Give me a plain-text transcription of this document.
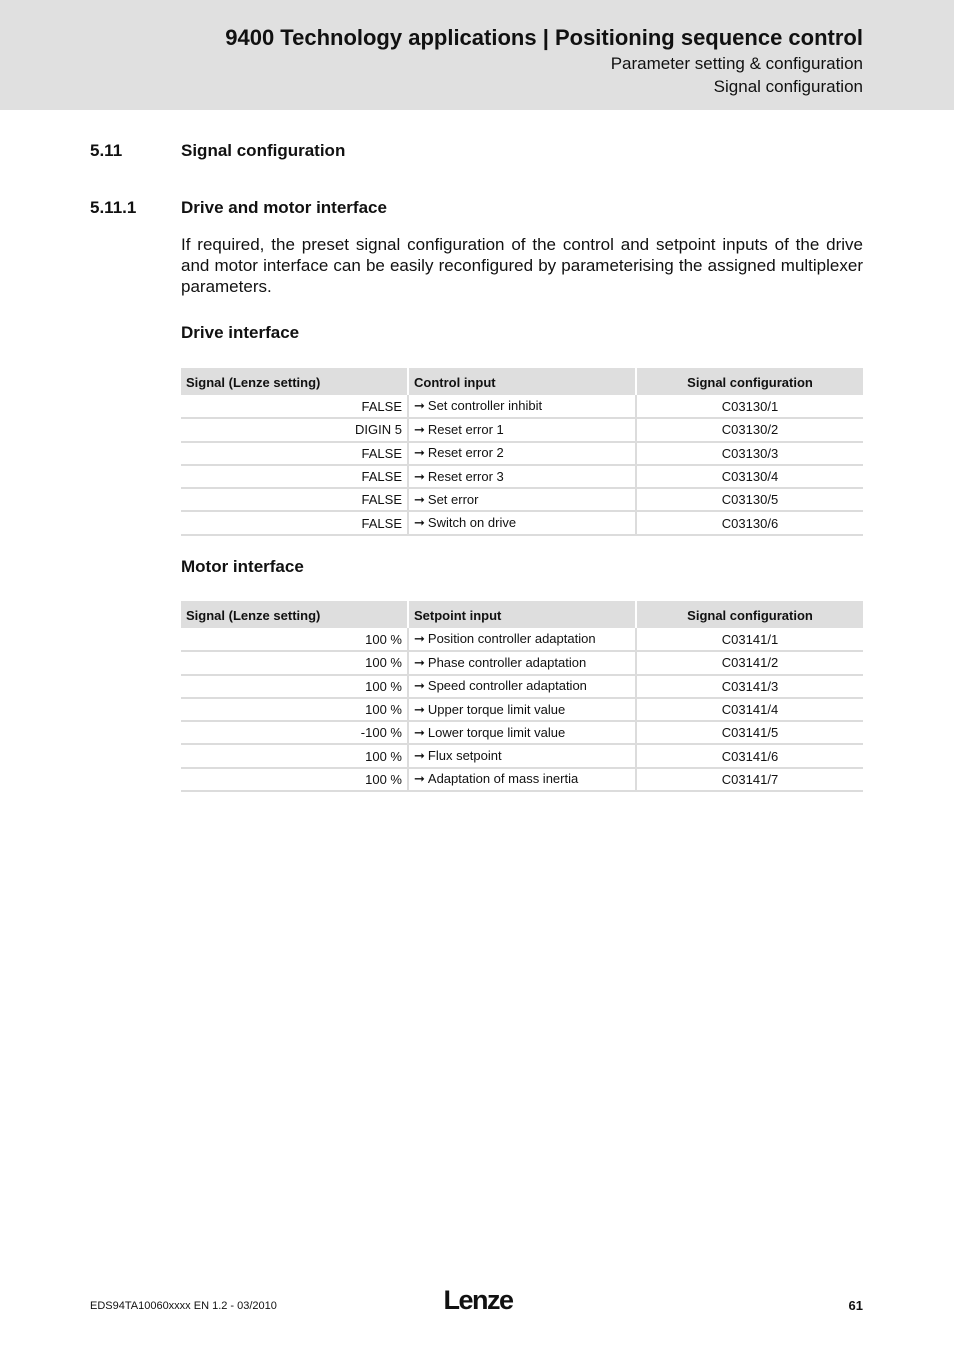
9400 Technology applications | Positioning sequence control
Parameter setting & configuration
Signal configuration
5.11	Signal configuration
5.11.1	Drive and motor interface

If required, the preset signal configuration of the control and setpoint inputs of the drive and motor interface can be easily reconfigured by parameterising the assigned multiplexer parameters.

Drive interface
Signal (Lenze setting)	Control input	Signal configuration
FALSE	➞ Set controller inhibit	C03130/1
DIGIN 5	➞ Reset error 1	C03130/2
FALSE	➞ Reset error 2	C03130/3
FALSE	➞ Reset error 3	C03130/4
FALSE	➞ Set error	C03130/5
FALSE	➞ Switch on drive	C03130/6
Motor interface
Signal (Lenze setting)	Setpoint input	Signal configuration
100 %	➞ Position controller adaptation	C03141/1
100 %	➞ Phase controller adaptation	C03141/2
100 %	➞ Speed controller adaptation	C03141/3
100 %	➞ Upper torque limit value	C03141/4
-100 %	➞ Lower torque limit value	C03141/5
100 %	➞ Flux setpoint	C03141/6
100 %	➞ Adaptation of mass inertia	C03141/7
EDS94TA10060xxxx EN 1.2 - 03/2010	Lenze	61
